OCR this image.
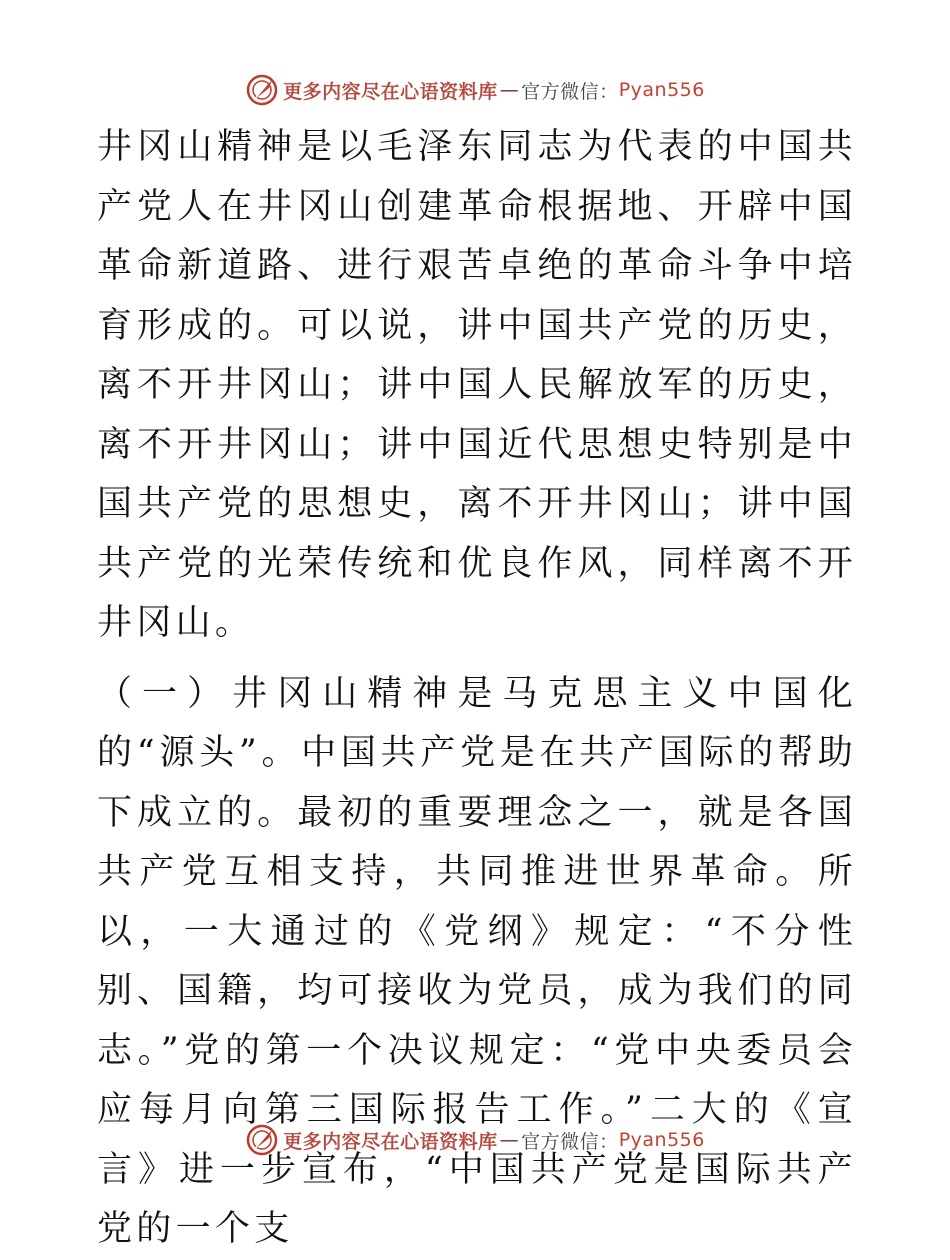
更多内容尽在心语资料库 — 官方微信： Pyan556

井冈山精神是以毛泽东同志为代表的中国共产党人在井冈山创建革命根据地、开辟中国革命新道路、进行艰苦卓绝的革命斗争中培育形成的。可以说，讲中国共产党的历史，离不开井冈山；讲中国人民解放军的历史，离不开井冈山；讲中国近代思想史特别是中国共产党的思想史，离不开井冈山；讲中国共产党的光荣传统和优良作风，同样离不开井冈山。

（一）井冈山精神是马克思主义中国化的“源头”。中国共产党是在共产国际的帮助下成立的。最初的重要理念之一，就是各国共产党互相支持，共同推进世界革命。所以，一大通过的《党纲》规定：“不分性别、国籍，均可接收为党员，成为我们的同志。”党的第一个决议规定：“党中央委员会应每月向第三国际报告工作。”二大的《宣言》进一步宣布，“中国共产党是国际共产党的一个支

更多内容尽在心语资料库 — 官方微信： Pyan556
